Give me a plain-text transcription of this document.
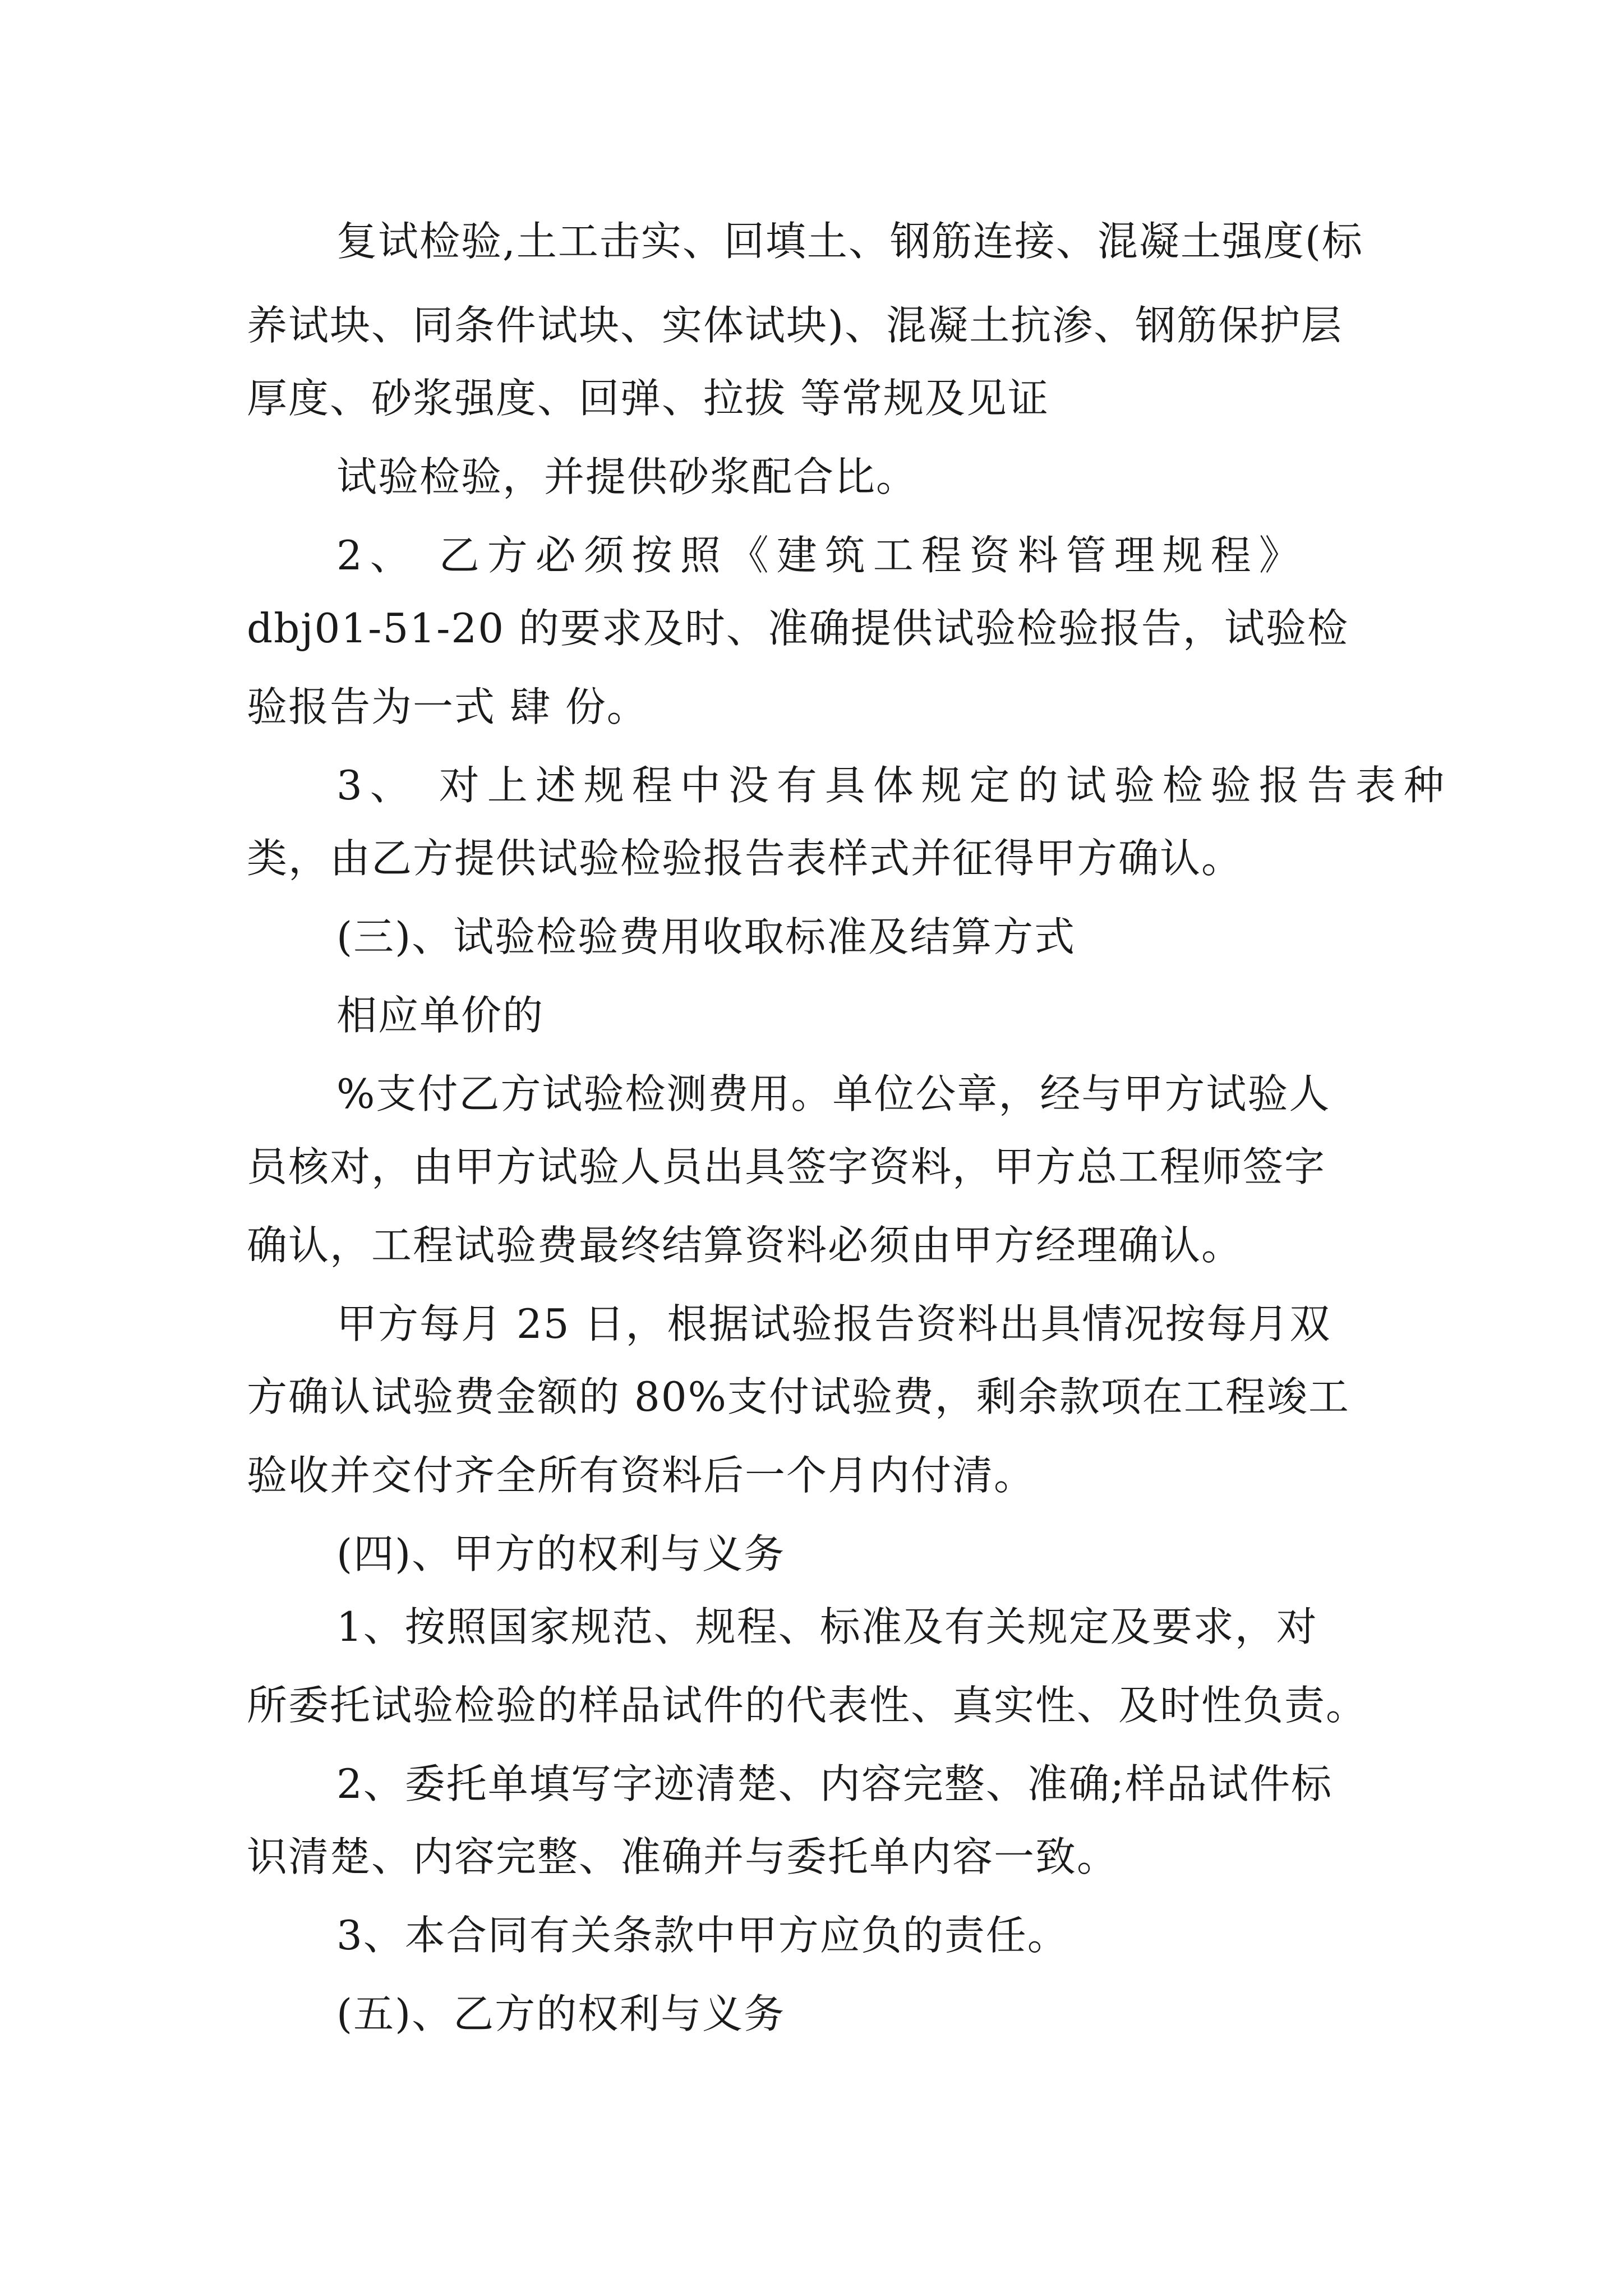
复试检验,土工击实、回填土、钢筋连接、混凝土强度(标
养试块、同条件试块、实体试块)、混凝土抗渗、钢筋保护层
厚度、砂浆强度、回弹、拉拔 等常规及见证
试验检验，并提供砂浆配合比。
2、 乙方必须按照《建筑工程资料管理规程》
dbj01-51-20 的要求及时、准确提供试验检验报告，试验检
验报告为一式 肆 份。
3、 对上述规程中没有具体规定的试验检验报告表种
类，由乙方提供试验检验报告表样式并征得甲方确认。
(三)、试验检验费用收取标准及结算方式
相应单价的
%支付乙方试验检测费用。单位公章，经与甲方试验人
员核对，由甲方试验人员出具签字资料，甲方总工程师签字
确认，工程试验费最终结算资料必须由甲方经理确认。
甲方每月 25 日，根据试验报告资料出具情况按每月双
方确认试验费金额的 80%支付试验费，剩余款项在工程竣工
验收并交付齐全所有资料后一个月内付清。
(四)、甲方的权利与义务
1、按照国家规范、规程、标准及有关规定及要求，对
所委托试验检验的样品试件的代表性、真实性、及时性负责。
2、委托单填写字迹清楚、内容完整、准确;样品试件标
识清楚、内容完整、准确并与委托单内容一致。
3、本合同有关条款中甲方应负的责任。
(五)、乙方的权利与义务
